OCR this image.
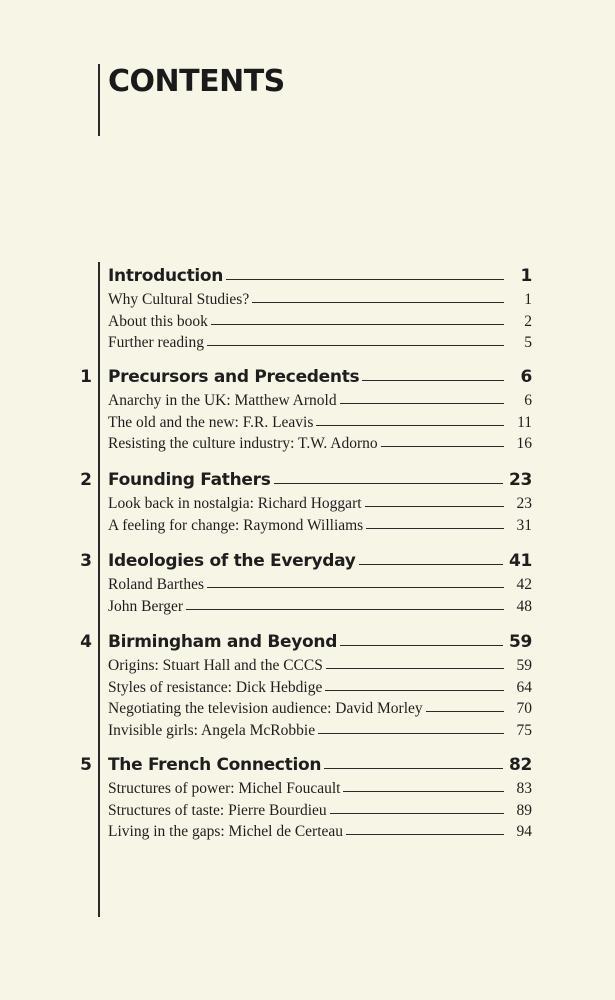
CONTENTS
Introduction	1
Why Cultural Studies?	1
About this book	2
Further reading	5
1 Precursors and Precedents	6
Anarchy in the UK: Matthew Arnold	6
The old and the new: F.R. Leavis	11
Resisting the culture industry: T.W. Adorno	16
2 Founding Fathers	23
Look back in nostalgia: Richard Hoggart	23
A feeling for change: Raymond Williams	31
3 Ideologies of the Everyday	41
Roland Barthes	42
John Berger	48
4 Birmingham and Beyond	59
Origins: Stuart Hall and the CCCS	59
Styles of resistance: Dick Hebdige	64
Negotiating the television audience: David Morley	70
Invisible girls: Angela McRobbie	75
5 The French Connection	82
Structures of power: Michel Foucault	83
Structures of taste: Pierre Bourdieu	89
Living in the gaps: Michel de Certeau	94
